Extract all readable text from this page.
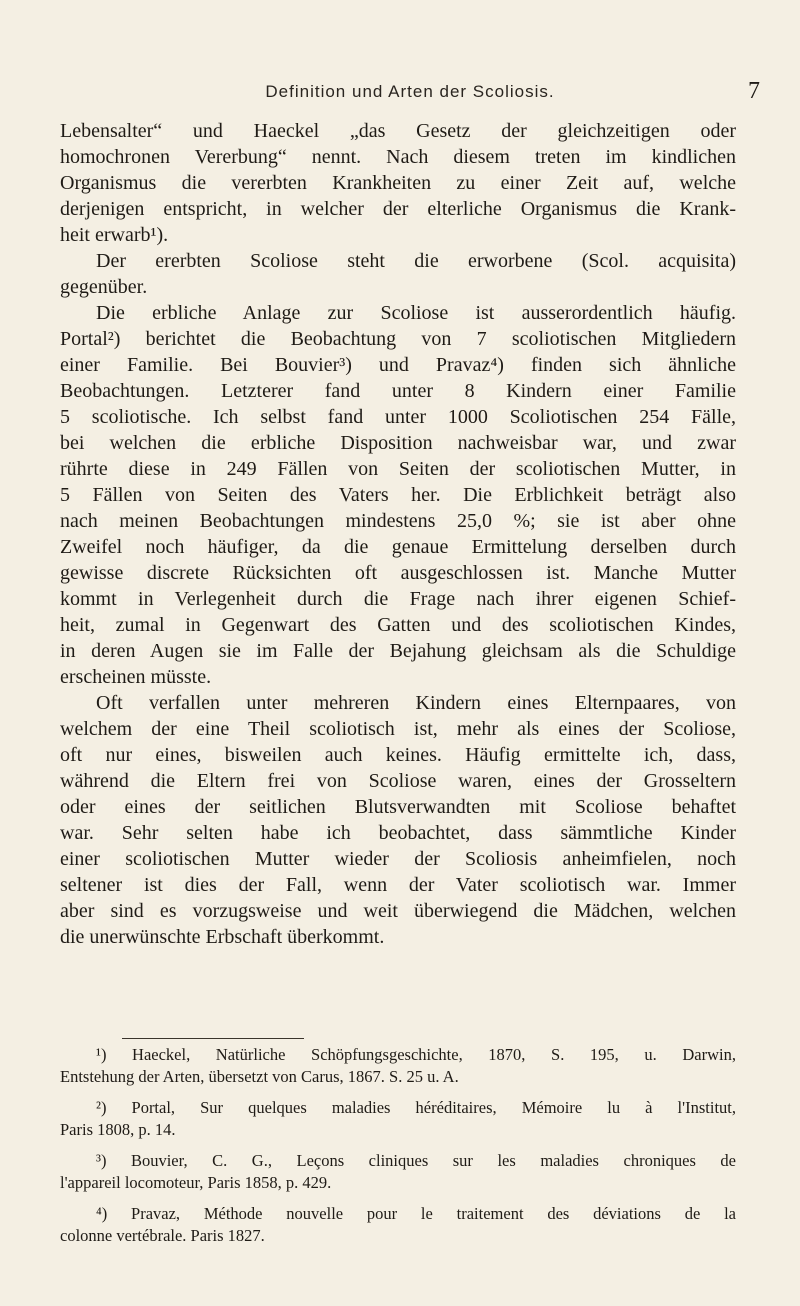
Definition und Arten der Scoliosis.	7
Lebensalter“ und Haeckel „das Gesetz der gleichzeitigen oder
homochronen Vererbung“ nennt. Nach diesem treten im kindlichen
Organismus die vererbten Krankheiten zu einer Zeit auf, welche
derjenigen entspricht, in welcher der elterliche Organismus die Krank-
heit erwarb¹).
Der ererbten Scoliose steht die erworbene (Scol. acquisita)
gegenüber.
Die erbliche Anlage zur Scoliose ist ausserordentlich häufig.
Portal²) berichtet die Beobachtung von 7 scoliotischen Mitgliedern
einer Familie. Bei Bouvier³) und Pravaz⁴) finden sich ähnliche
Beobachtungen. Letzterer fand unter 8 Kindern einer Familie
5 scoliotische. Ich selbst fand unter 1000 Scoliotischen 254 Fälle,
bei welchen die erbliche Disposition nachweisbar war, und zwar
rührte diese in 249 Fällen von Seiten der scoliotischen Mutter, in
5 Fällen von Seiten des Vaters her. Die Erblichkeit beträgt also
nach meinen Beobachtungen mindestens 25,0 %; sie ist aber ohne
Zweifel noch häufiger, da die genaue Ermittelung derselben durch
gewisse discrete Rücksichten oft ausgeschlossen ist. Manche Mutter
kommt in Verlegenheit durch die Frage nach ihrer eigenen Schief-
heit, zumal in Gegenwart des Gatten und des scoliotischen Kindes,
in deren Augen sie im Falle der Bejahung gleichsam als die Schuldige
erscheinen müsste.
Oft verfallen unter mehreren Kindern eines Elternpaares, von
welchem der eine Theil scoliotisch ist, mehr als eines der Scoliose,
oft nur eines, bisweilen auch keines. Häufig ermittelte ich, dass,
während die Eltern frei von Scoliose waren, eines der Grosseltern
oder eines der seitlichen Blutsverwandten mit Scoliose behaftet
war. Sehr selten habe ich beobachtet, dass sämmtliche Kinder
einer scoliotischen Mutter wieder der Scoliosis anheimfielen, noch
seltener ist dies der Fall, wenn der Vater scoliotisch war. Immer
aber sind es vorzugsweise und weit überwiegend die Mädchen, welchen
die unerwünschte Erbschaft überkommt.
¹) Haeckel, Natürliche Schöpfungsgeschichte, 1870, S. 195, u. Darwin,
Entstehung der Arten, übersetzt von Carus, 1867. S. 25 u. A.
²) Portal, Sur quelques maladies héréditaires, Mémoire lu à l'Institut,
Paris 1808, p. 14.
³) Bouvier, C. G., Leçons cliniques sur les maladies chroniques de
l'appareil locomoteur, Paris 1858, p. 429.
⁴) Pravaz, Méthode nouvelle pour le traitement des déviations de la
colonne vertébrale. Paris 1827.
